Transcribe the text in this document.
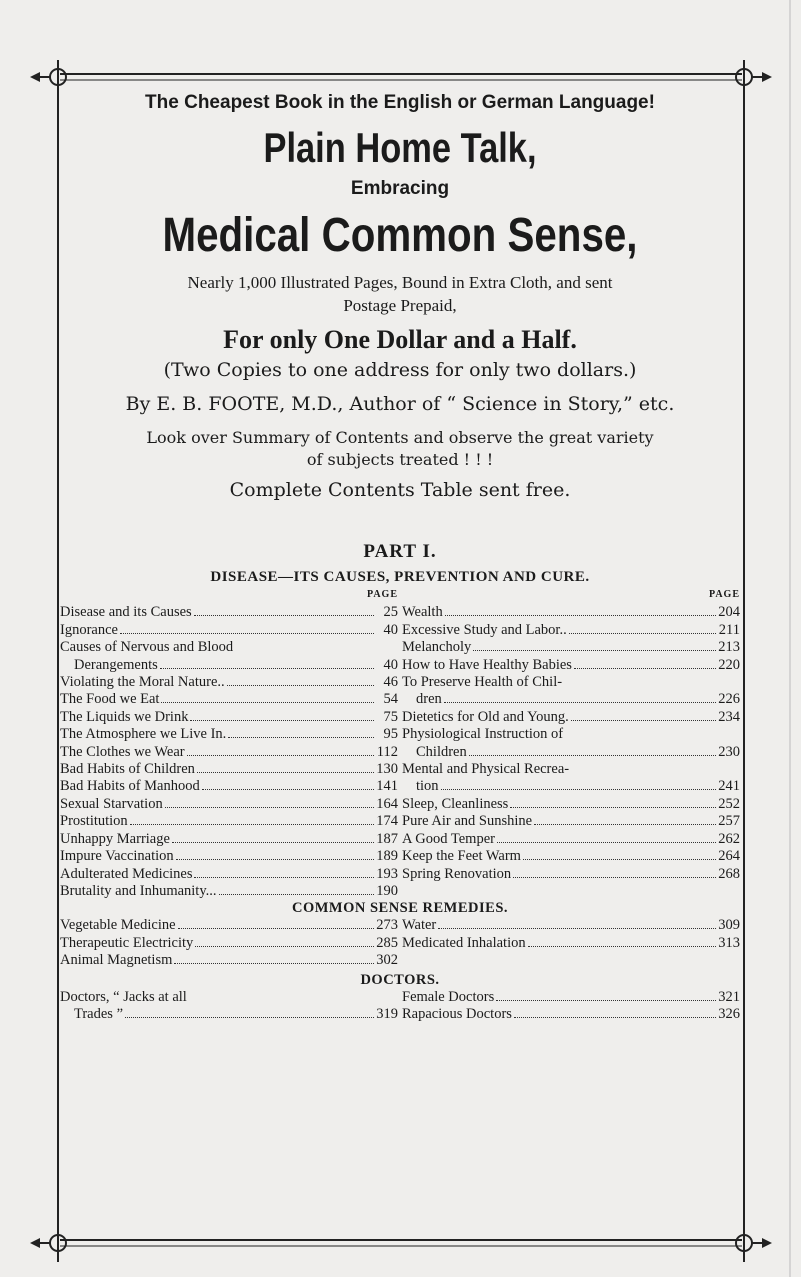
The Cheapest Book in the English or German Language!

Plain Home Talk,

Embracing

Medical Common Sense,

Nearly 1,000 Illustrated Pages, Bound in Extra Cloth, and sent
Postage Prepaid,

For only One Dollar and a Half.

(Two Copies to one address for only two dollars.)

By E. B. FOOTE, M.D., Author of “ Science in Story,” etc.

Look over Summary of Contents and observe the great variety
of subjects treated ! ! !

Complete Contents Table sent free.

PART I.

DISEASE—ITS CAUSES, PREVENTION AND CURE.

PAGE
Disease and its Causes	25
Ignorance	40
Causes of Nervous and Blood
Derangements	40
Violating the Moral Nature..	46
The Food we Eat	54
The Liquids we Drink	75
The Atmosphere we Live In.	95
The Clothes we Wear	112
Bad Habits of Children	130
Bad Habits of Manhood	141
Sexual Starvation	164
Prostitution	174
Unhappy Marriage	187
Impure Vaccination	189
Adulterated Medicines	193
Brutality and Inhumanity...	190
PAGE
Wealth	204
Excessive Study and Labor..	211
Melancholy	213
How to Have Healthy Babies	220
To Preserve Health of Chil-
dren	226
Dietetics for Old and Young.	234
Physiological Instruction of
Children	230
Mental and Physical Recrea-
tion	241
Sleep, Cleanliness	252
Pure Air and Sunshine	257
A Good Temper	262
Keep the Feet Warm	264
Spring Renovation	268

COMMON SENSE REMEDIES.

Vegetable Medicine	273
Therapeutic Electricity	285
Animal Magnetism	302
Water	309
Medicated Inhalation	313

DOCTORS.

Doctors, “ Jacks at all
Trades ”	319
Female Doctors	321
Rapacious Doctors	326
